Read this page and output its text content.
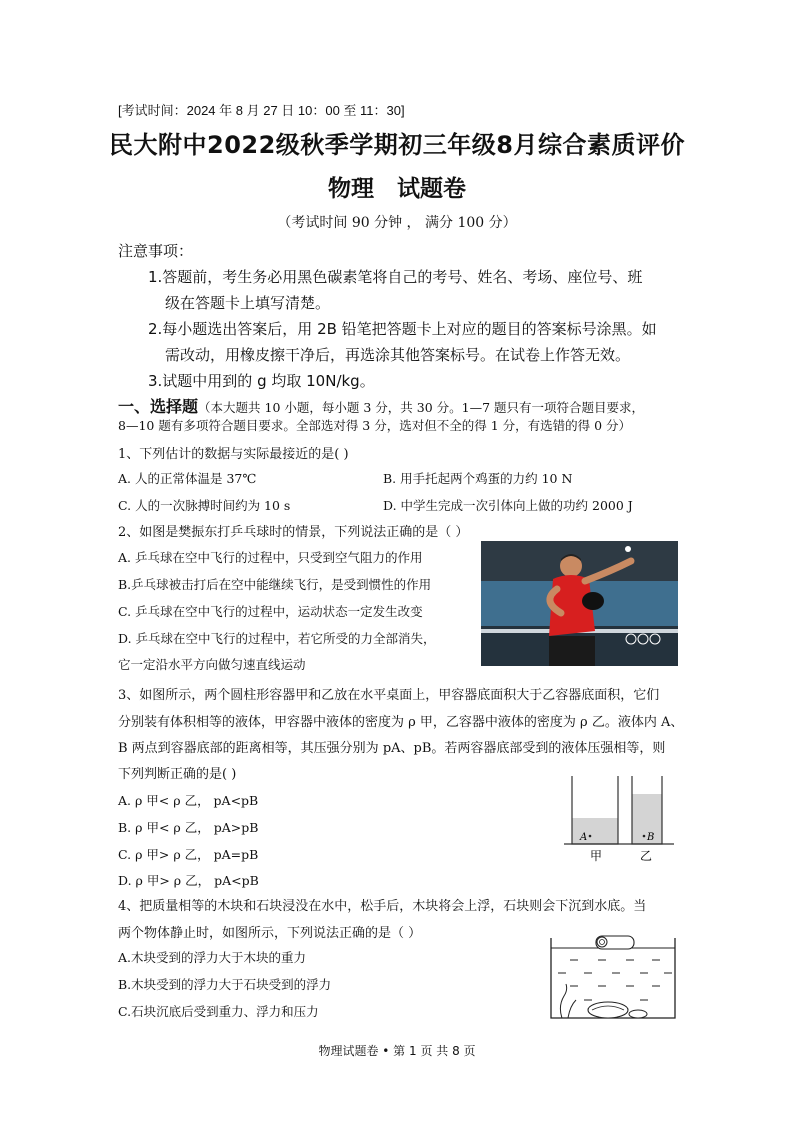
[考试时间：2024 年 8 月 27 日 10：00 至 11：30]
民大附中2022级秋季学期初三年级8月综合素质评价
物理　试题卷
（考试时间 90 分钟 ， 满分 100 分）
注意事项：
1.答题前，考生务必用黑色碳素笔将自己的考号、姓名、考场、座位号、班
级在答题卡上填写清楚。
2.每小题选出答案后，用 2B 铅笔把答题卡上对应的题目的答案标号涂黑。如
需改动，用橡皮擦干净后，再选涂其他答案标号。在试卷上作答无效。
3.试题中用到的 g 均取 10N/kg。
一、选择题（本大题共 10 小题，每小题 3 分，共 30 分。1—7 题只有一项符合题目要求，
8—10 题有多项符合题目要求。全部选对得 3 分，选对但不全的得 1 分，有选错的得 0 分）
1、下列估计的数据与实际最接近的是( )
A. 人的正常体温是 37℃	B. 用手托起两个鸡蛋的力约 10 N
C. 人的一次脉搏时间约为 10 s	D. 中学生完成一次引体向上做的功约 2000 J
2、如图是樊振东打乒乓球时的情景，下列说法正确的是（ ）
A. 乒乓球在空中飞行的过程中，只受到空气阻力的作用
B.乒乓球被击打后在空中能继续飞行，是受到惯性的作用
C. 乒乓球在空中飞行的过程中，运动状态一定发生改变
D. 乒乓球在空中飞行的过程中，若它所受的力全部消失，
它一定沿水平方向做匀速直线运动
3、如图所示，两个圆柱形容器甲和乙放在水平桌面上，甲容器底面积大于乙容器底面积，它们
分别装有体积相等的液体，甲容器中液体的密度为 ρ 甲，乙容器中液体的密度为 ρ 乙。液体内 A、
B 两点到容器底部的距离相等，其压强分别为 pA、pB。若两容器底部受到的液体压强相等，则
下列判断正确的是( )
A. ρ 甲< ρ 乙， pA<pB
B. ρ 甲< ρ 乙， pA>pB
C. ρ 甲> ρ 乙， pA=pB
D. ρ 甲> ρ 乙， pA<pB
A	B
甲	乙
4、把质量相等的木块和石块浸没在水中，松手后，木块将会上浮，石块则会下沉到水底。当
两个物体静止时，如图所示，下列说法正确的是（ ）
A.木块受到的浮力大于木块的重力
B.木块受到的浮力大于石块受到的浮力
C.石块沉底后受到重力、浮力和压力
物理试题卷 • 第 1 页 共 8 页
